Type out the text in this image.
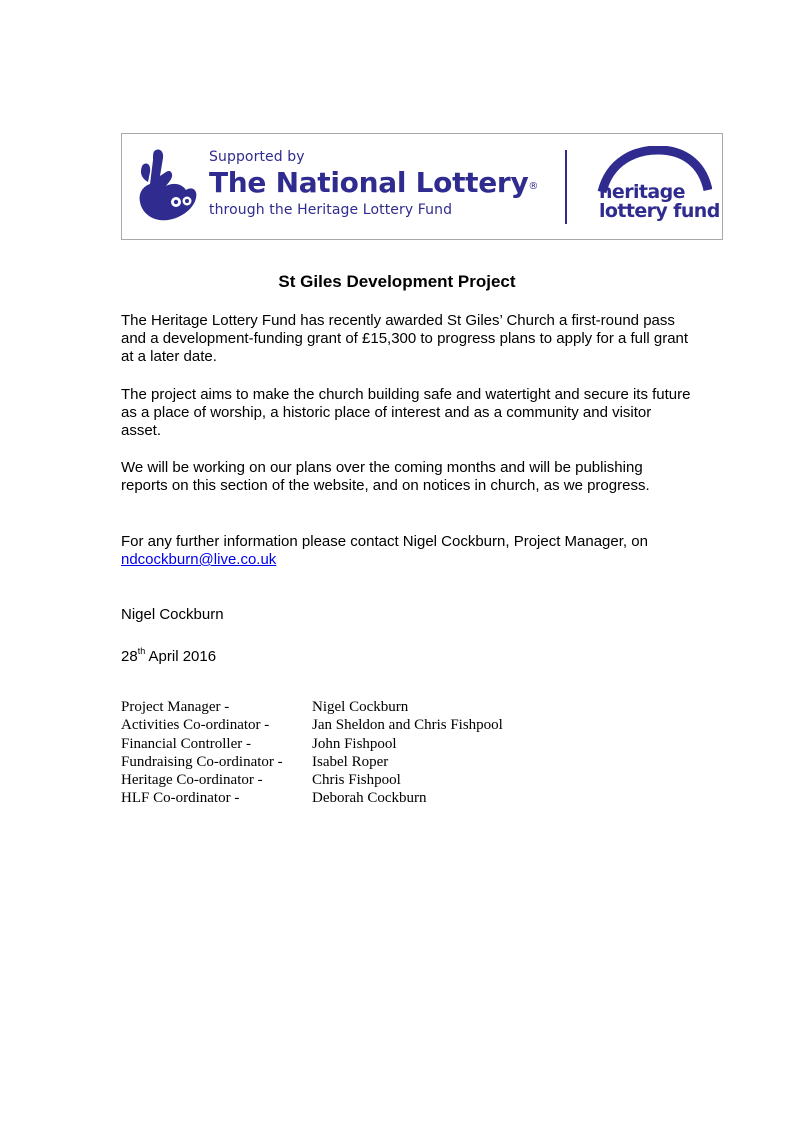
Supported by
The National Lottery®
through the Heritage Lottery Fund
heritage
lottery fund
St Giles Development Project

The Heritage Lottery Fund has recently awarded St Giles’ Church a first-round pass and a development-funding grant of £15,300 to progress plans to apply for a full grant at a later date.

The project aims to make the church building safe and watertight and secure its future as a place of worship, a historic place of interest and as a community and visitor asset.

We will be working on our plans over the coming months and will be publishing reports on this section of the website, and on notices in church, as we progress.

For any further information please contact Nigel Cockburn, Project Manager, on ndcockburn@live.co.uk

Nigel Cockburn
28th April 2016
Project Manager -	Nigel Cockburn
Activities Co-ordinator -	Jan Sheldon and Chris Fishpool
Financial Controller -	John Fishpool
Fundraising Co-ordinator -	Isabel Roper
Heritage Co-ordinator -	Chris Fishpool
HLF Co-ordinator -	Deborah Cockburn
